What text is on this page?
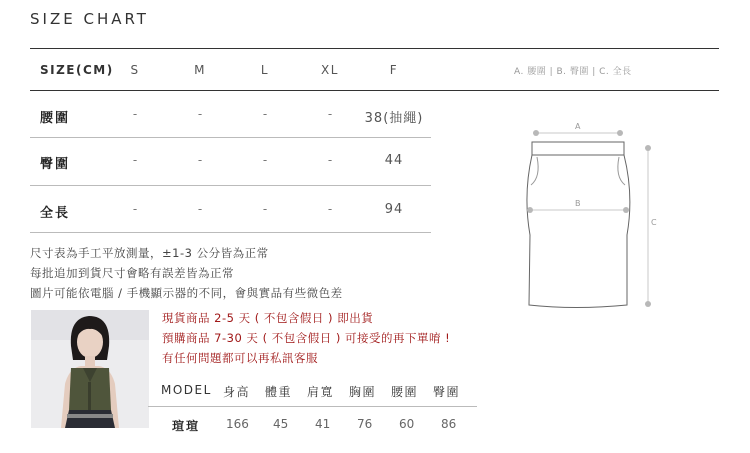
SIZE CHART
SIZE(CM) S	M	L	XL	F	A. 腰圍 | B. 臀圍 | C. 全長
腰圍	-	-	-	- 38(抽繩)
臀圍	-	-	-	-	44
全長	-	-	-	-	94
A
B
C
尺寸表為手工平放測量，±1-3 公分皆為正常
每批追加到貨尺寸會略有誤差皆為正常
圖片可能依電腦 / 手機顯示器的不同，會與實品有些微色差
現貨商品 2-5 天 ( 不包含假日 ) 即出貨
預購商品 7-30 天 ( 不包含假日 ) 可接受的再下單唷 !
有任何問題都可以再私訊客服
MODEL 身高 體重 肩寬 胸圍 腰圍 臀圍
瑄瑄 166 45 41 76 60 86
